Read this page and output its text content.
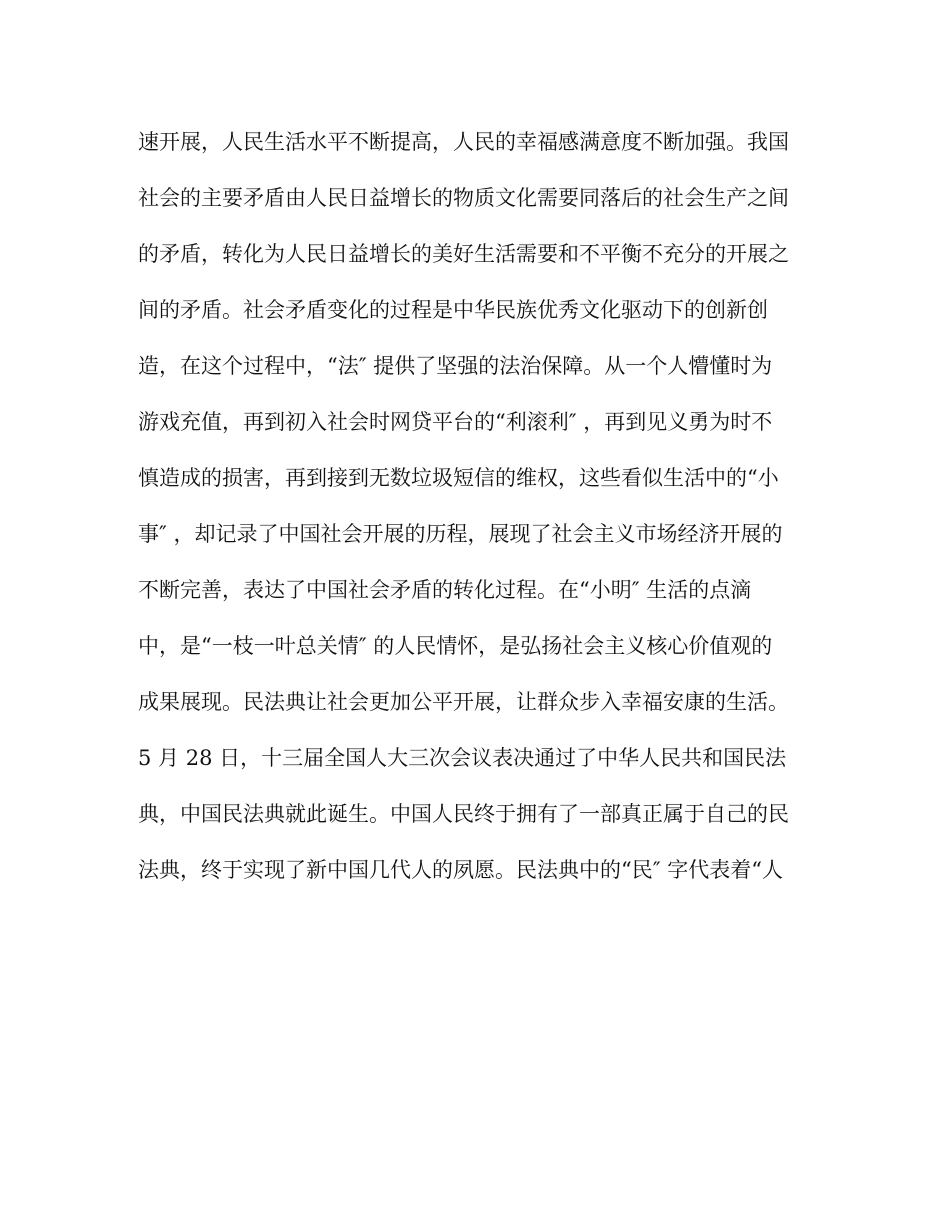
速开展，人民生活水平不断提高，人民的幸福感满意度不断加强。我国
社会的主要矛盾由人民日益增长的物质文化需要同落后的社会生产之间
的矛盾，转化为人民日益增长的美好生活需要和不平衡不充分的开展之
间的矛盾。社会矛盾变化的过程是中华民族优秀文化驱动下的创新创
造，在这个过程中，“法″ 提供了坚强的法治保障。从一个人懵懂时为
游戏充值，再到初入社会时网贷平台的“利滚利″ ，再到见义勇为时不
慎造成的损害，再到接到无数垃圾短信的维权，这些看似生活中的“小
事″ ，却记录了中国社会开展的历程，展现了社会主义市场经济开展的
不断完善，表达了中国社会矛盾的转化过程。在“小明″ 生活的点滴
中，是“一枝一叶总关情″ 的人民情怀，是弘扬社会主义核心价值观的
成果展现。民法典让社会更加公平开展，让群众步入幸福安康的生活。
5 月 28 日，十三届全国人大三次会议表决通过了中华人民共和国民法
典，中国民法典就此诞生。中国人民终于拥有了一部真正属于自己的民
法典，终于实现了新中国几代人的夙愿。民法典中的“民″ 字代表着“人
